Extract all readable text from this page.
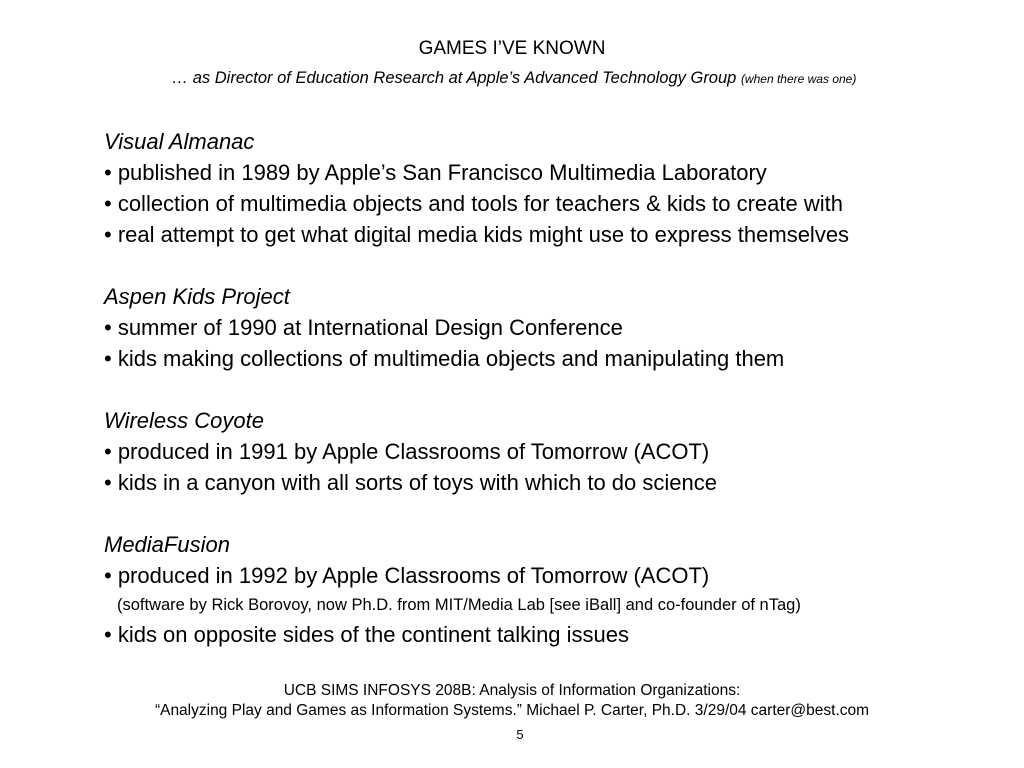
GAMES I’VE KNOWN
… as Director of Education Research at Apple’s Advanced Technology Group (when there was one)
Visual Almanac
• published in 1989 by Apple’s San Francisco Multimedia Laboratory
• collection of multimedia objects and tools for teachers & kids to create with
• real attempt to get what digital media kids might use to express themselves
Aspen Kids Project
• summer of 1990 at International Design Conference
• kids making collections of multimedia objects and manipulating them
Wireless Coyote
• produced in 1991 by Apple Classrooms of Tomorrow (ACOT)
• kids in a canyon with all sorts of toys with which to do science
MediaFusion
• produced in 1992 by Apple Classrooms of Tomorrow (ACOT)
(software by Rick Borovoy, now Ph.D. from MIT/Media Lab [see iBall] and co-founder of nTag)
• kids on opposite sides of the continent talking issues
UCB SIMS INFOSYS 208B: Analysis of Information Organizations:
“Analyzing Play and Games as Information Systems.” Michael P. Carter, Ph.D. 3/29/04 carter@best.com
5
